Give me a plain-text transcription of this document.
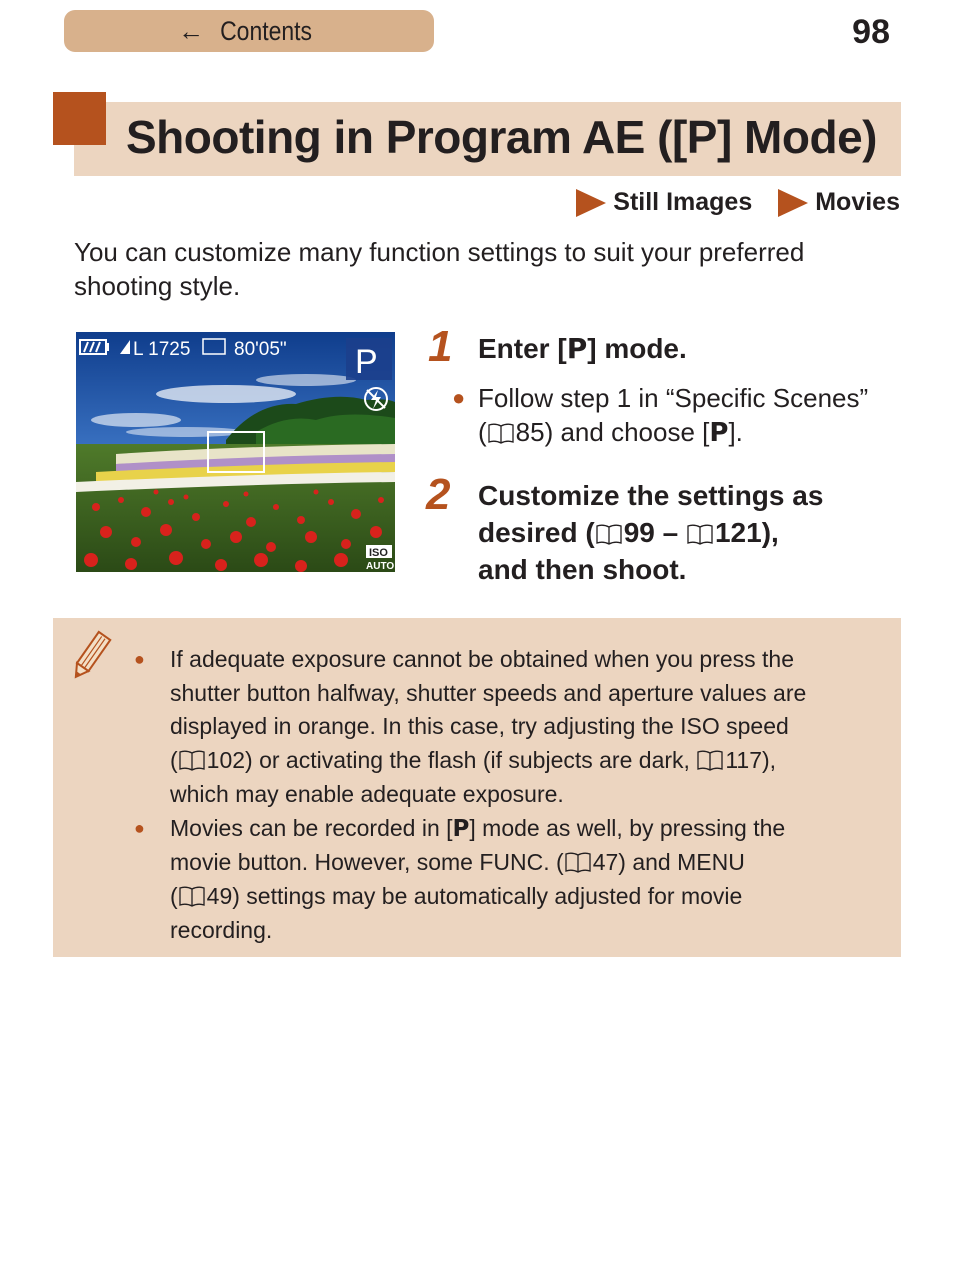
← Contents	98
Shooting in Program AE ([P] Mode)
Still Images	Movies
You can customize many function settings to suit your preferred shooting style.
L 1725 80'05" P
ISO
AUTO
1 Enter [P] mode.
● Follow step 1 in “Specific Scenes”
( 85) and choose [P].
2 Customize the settings as
desired ( 99 – 121),
and then shoot.
●	If adequate exposure cannot be obtained when you press the
shutter button halfway, shutter speeds and aperture values are
displayed in orange. In this case, try adjusting the ISO speed
( 102) or activating the flash (if subjects are dark, 117),
which may enable adequate exposure.
●	Movies can be recorded in [P] mode as well, by pressing the
movie button. However, some FUNC. ( 47) and MENU
( 49) settings may be automatically adjusted for movie
recording.
